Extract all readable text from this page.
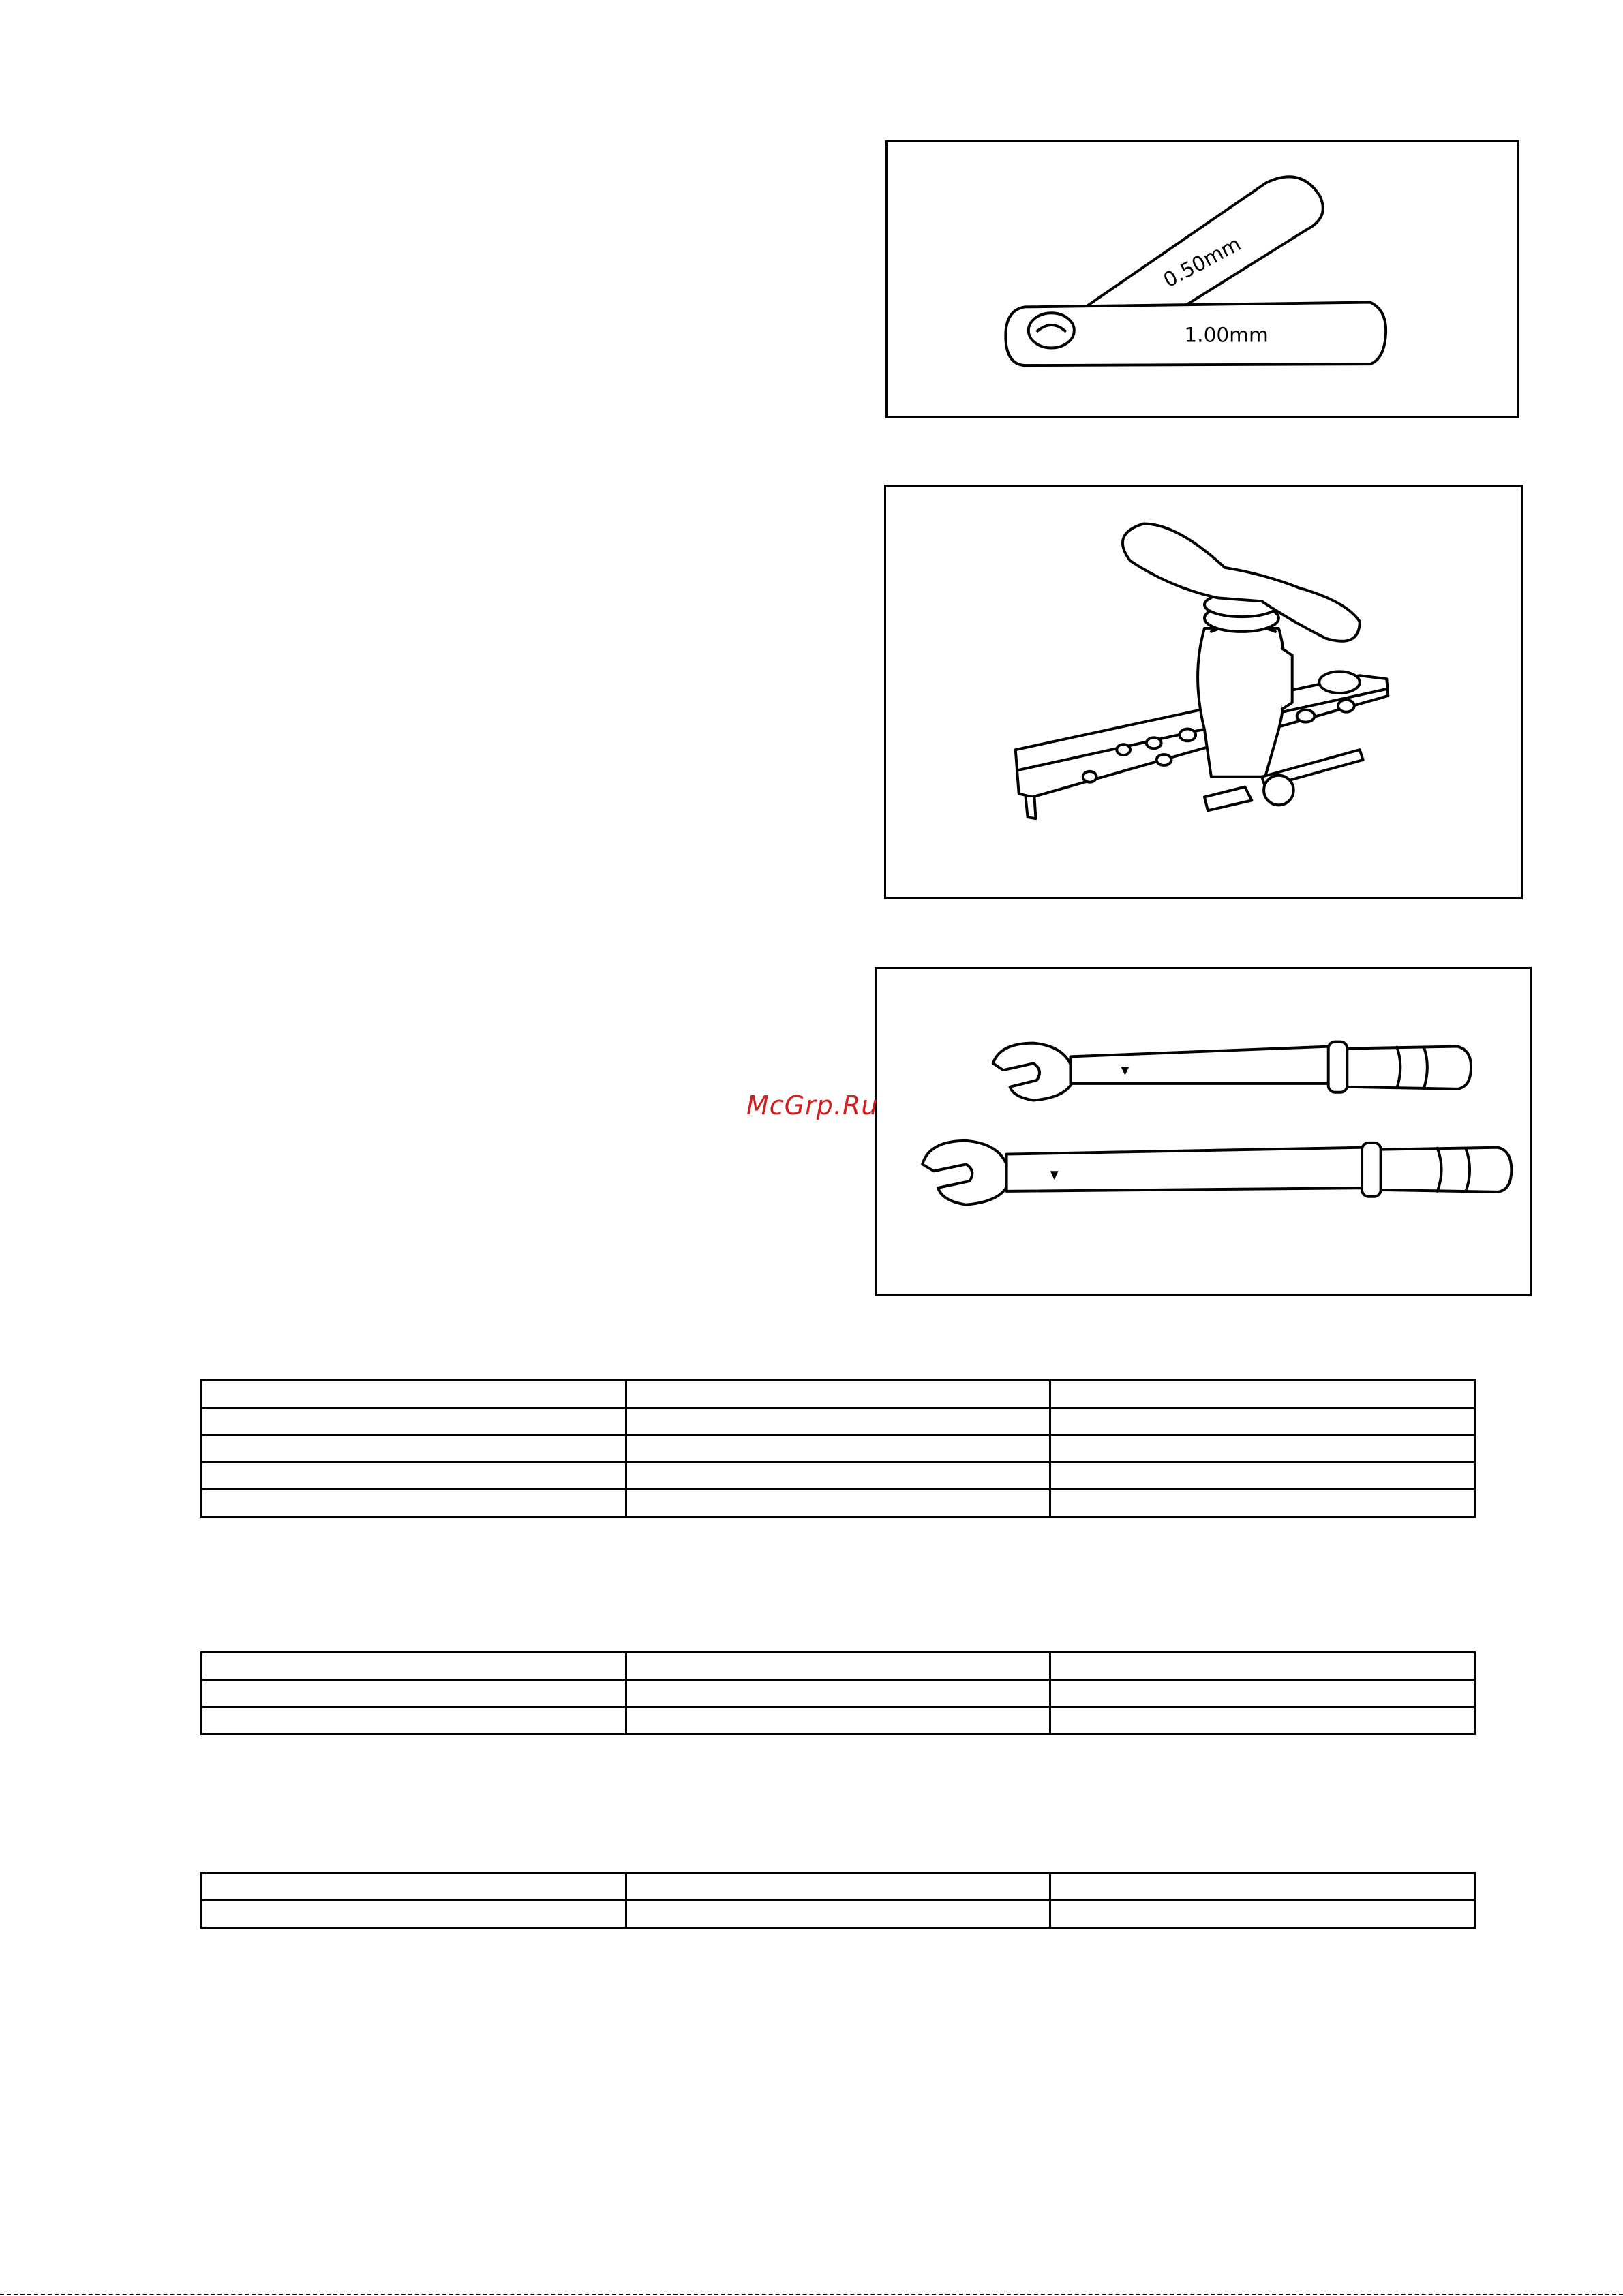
0.50mm
1.00mm
McGrp.Ru
